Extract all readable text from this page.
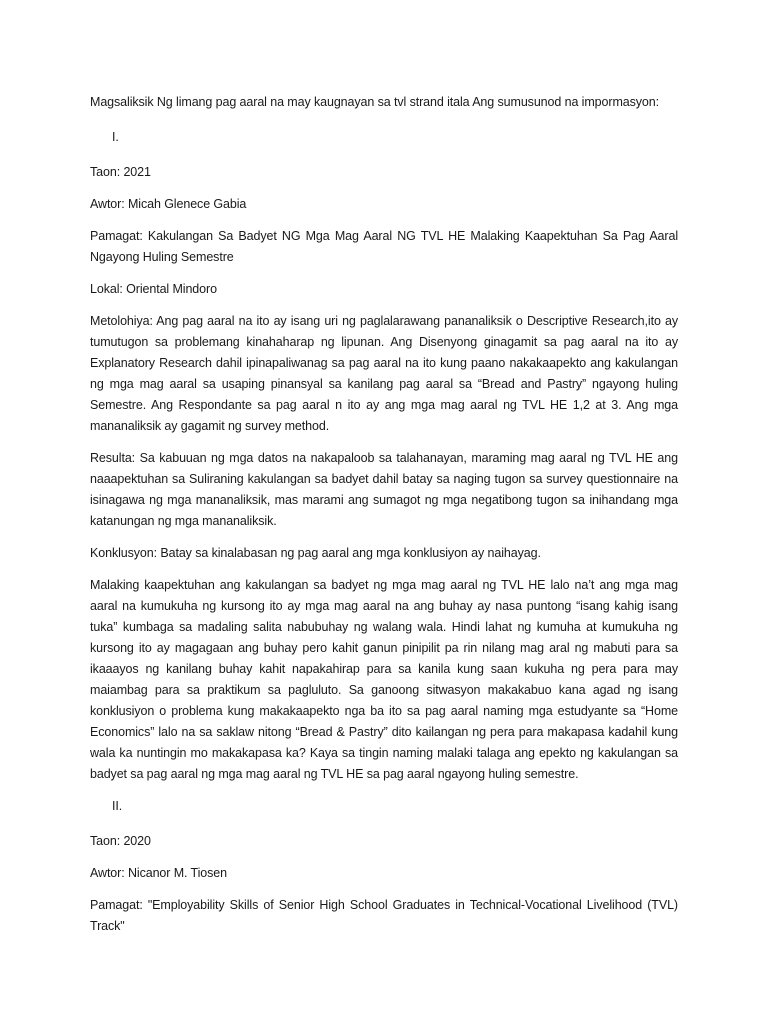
Magsaliksik Ng limang pag aaral na may kaugnayan sa tvl strand itala Ang sumusunod na impormasyon:

I.

Taon: 2021

Awtor: Micah Glenece Gabia

Pamagat: Kakulangan Sa Badyet NG Mga Mag Aaral NG TVL HE Malaking Kaapektuhan Sa Pag Aaral Ngayong Huling Semestre

Lokal: Oriental Mindoro

Metolohiya: Ang pag aaral na ito ay isang uri ng paglalarawang pananaliksik o Descriptive Research,ito ay tumutugon sa problemang kinahaharap ng lipunan. Ang Disenyong ginagamit sa pag aaral na ito ay Explanatory Research dahil ipinapaliwanag sa pag aaral na ito kung paano nakakaapekto ang kakulangan ng mga mag aaral sa usaping pinansyal sa kanilang pag aaral sa “Bread and Pastry” ngayong huling Semestre. Ang Respondante sa pag aaral n ito ay ang mga mag aaral ng TVL HE 1,2 at 3. Ang mga mananaliksik ay gagamit ng survey method.

Resulta: Sa kabuuan ng mga datos na nakapaloob sa talahanayan, maraming mag aaral ng TVL HE ang naaapektuhan sa Suliraning kakulangan sa badyet dahil batay sa naging tugon sa survey questionnaire na isinagawa ng mga mananaliksik, mas marami ang sumagot ng mga negatibong tugon sa inihandang mga katanungan ng mga mananaliksik.

Konklusyon: Batay sa kinalabasan ng pag aaral ang mga konklusiyon ay naihayag.

Malaking kaapektuhan ang kakulangan sa badyet ng mga mag aaral ng TVL HE lalo na’t ang mga mag aaral na kumukuha ng kursong ito ay mga mag aaral na ang buhay ay nasa puntong “isang kahig isang tuka” kumbaga sa madaling salita nabubuhay ng walang wala. Hindi lahat ng kumuha at kumukuha ng kursong ito ay magagaan ang buhay pero kahit ganun pinipilit pa rin nilang mag aral ng mabuti para sa ikaaayos ng kanilang buhay kahit napakahirap para sa kanila kung saan kukuha ng pera para may maiambag para sa praktikum sa pagluluto. Sa ganoong sitwasyon makakabuo kana agad ng isang konklusiyon o problema kung makakaapekto nga ba ito sa pag aaral naming mga estudyante sa “Home Economics” lalo na sa saklaw nitong “Bread & Pastry” dito kailangan ng pera para makapasa kadahil kung wala ka nuntingin mo makakapasa ka? Kaya sa tingin naming malaki talaga ang epekto ng kakulangan sa badyet sa pag aaral ng mga mag aaral ng TVL HE sa pag aaral ngayong huling semestre.

II.

Taon: 2020

Awtor: Nicanor M. Tiosen

Pamagat: "Employability Skills of Senior High School Graduates in Technical-Vocational Livelihood (TVL) Track"
